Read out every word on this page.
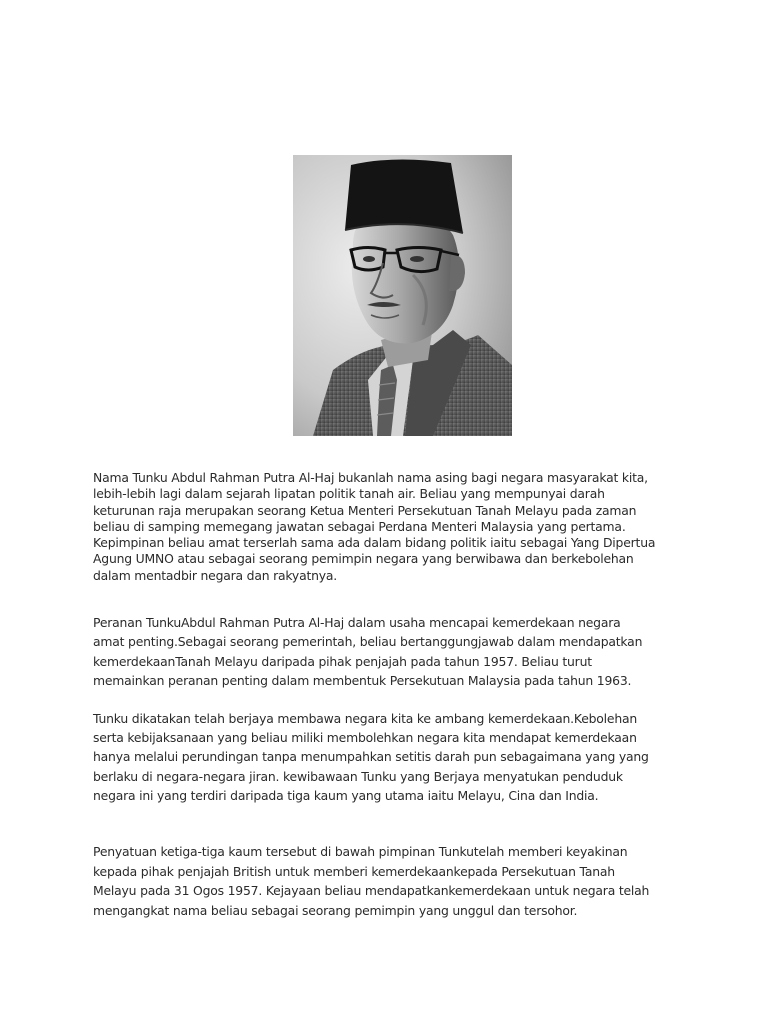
Nama Tunku Abdul Rahman Putra Al-Haj bukanlah nama asing bagi negara masyarakat kita,
lebih-lebih lagi dalam sejarah lipatan politik tanah air. Beliau yang mempunyai darah
keturunan raja merupakan seorang Ketua Menteri Persekutuan Tanah Melayu pada zaman
beliau di samping memegang jawatan sebagai Perdana Menteri Malaysia yang pertama.
Kepimpinan beliau amat terserlah sama ada dalam bidang politik iaitu sebagai Yang Dipertua
Agung UMNO atau sebagai seorang pemimpin negara yang berwibawa dan berkebolehan
dalam mentadbir negara dan rakyatnya.
Peranan TunkuAbdul Rahman Putra Al-Haj dalam usaha mencapai kemerdekaan negara
amat penting.Sebagai seorang pemerintah, beliau bertanggungjawab dalam mendapatkan
kemerdekaanTanah Melayu daripada pihak penjajah pada tahun 1957. Beliau turut
memainkan peranan penting dalam membentuk Persekutuan Malaysia pada tahun 1963.
Tunku dikatakan telah berjaya membawa negara kita ke ambang kemerdekaan.Kebolehan
serta kebijaksanaan yang beliau miliki membolehkan negara kita mendapat kemerdekaan
hanya melalui perundingan tanpa menumpahkan setitis darah pun sebagaimana yang yang
berlaku di negara-negara jiran. kewibawaan Tunku yang Berjaya menyatukan penduduk
negara ini yang terdiri daripada tiga kaum yang utama iaitu Melayu, Cina dan India.
Penyatuan ketiga-tiga kaum tersebut di bawah pimpinan Tunkutelah memberi keyakinan
kepada pihak penjajah British untuk memberi kemerdekaankepada Persekutuan Tanah
Melayu pada 31 Ogos 1957. Kejayaan beliau mendapatkankemerdekaan untuk negara telah
mengangkat nama beliau sebagai seorang pemimpin yang unggul dan tersohor.
